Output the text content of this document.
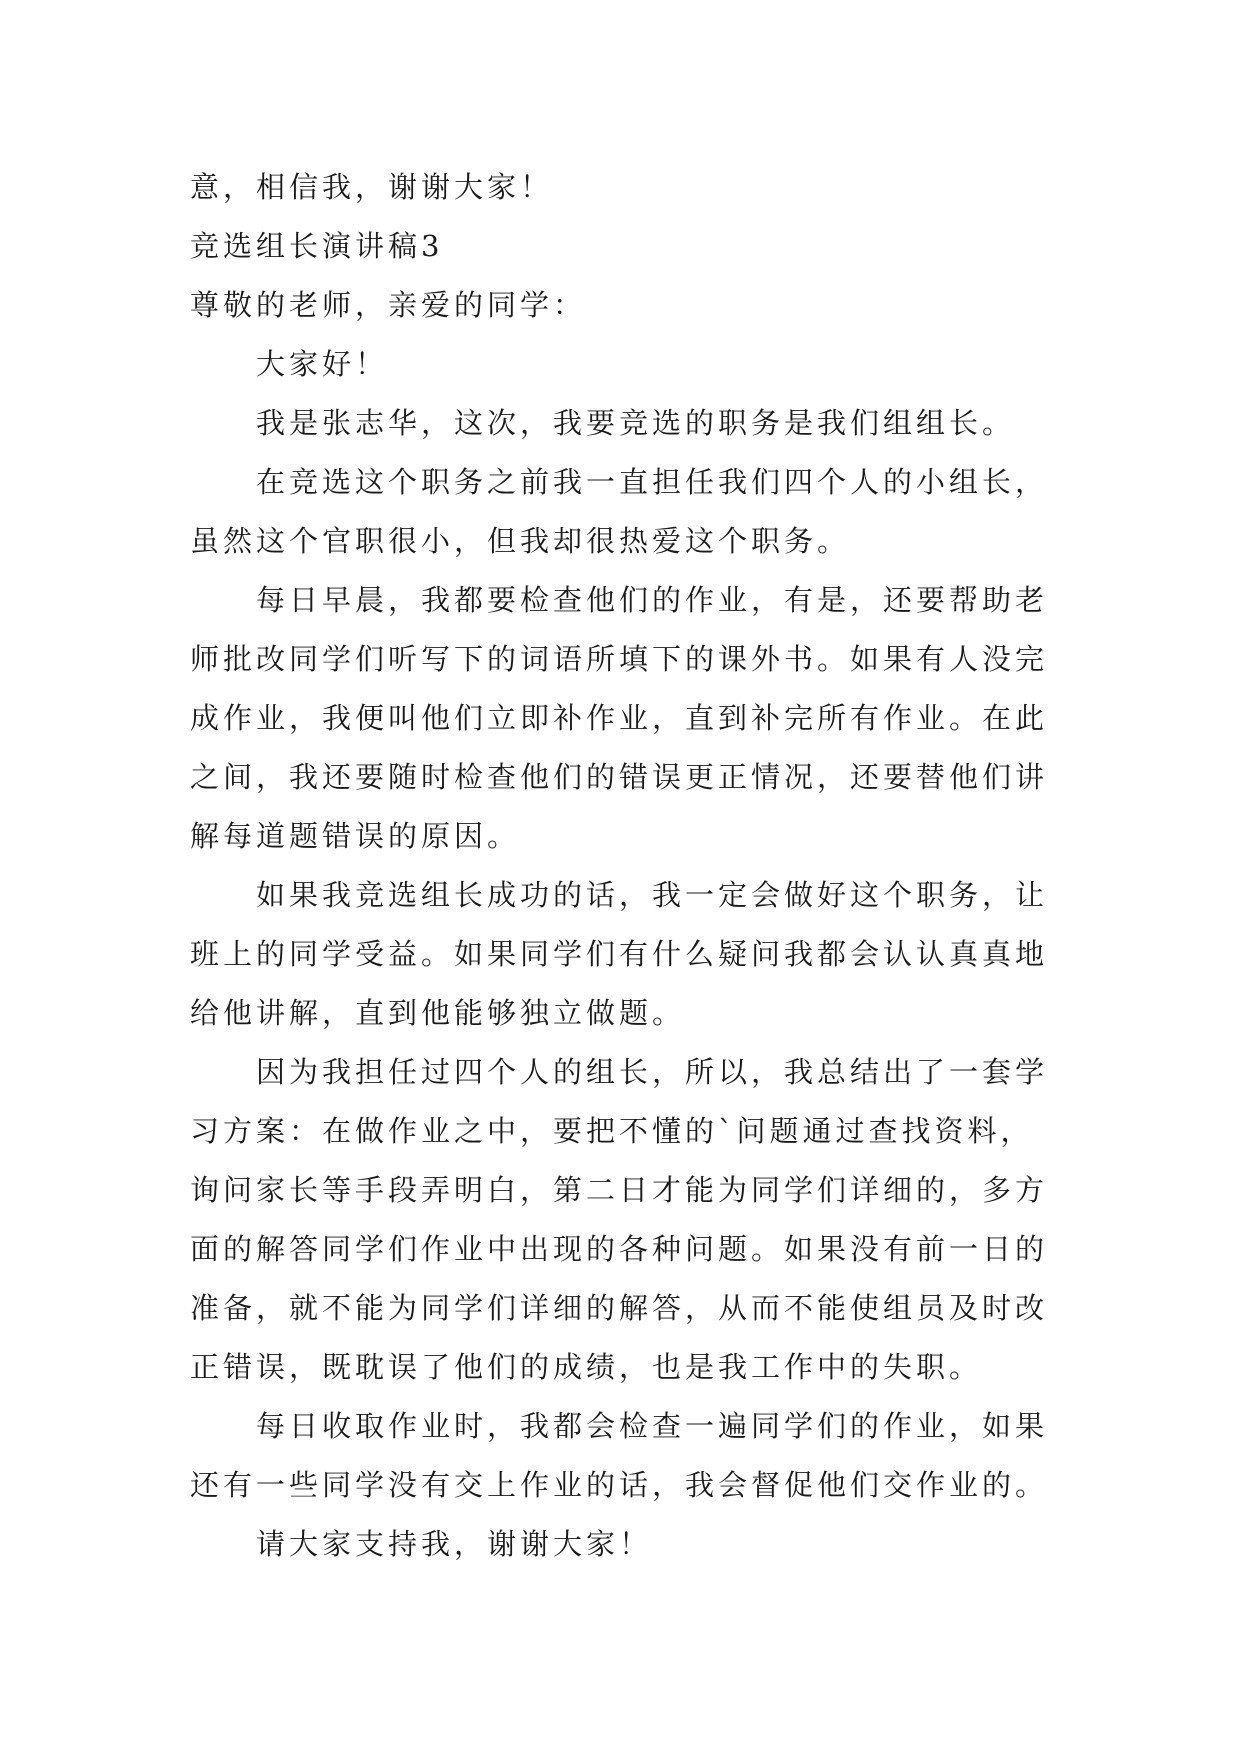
意，相信我，谢谢大家！
竞选组长演讲稿3
尊敬的老师，亲爱的同学：
大家好！
我是张志华，这次，我要竞选的职务是我们组组长。
在竞选这个职务之前我一直担任我们四个人的小组长，
虽然这个官职很小，但我却很热爱这个职务。
每日早晨，我都要检查他们的作业，有是，还要帮助老
师批改同学们听写下的词语所填下的课外书。如果有人没完
成作业，我便叫他们立即补作业，直到补完所有作业。在此
之间，我还要随时检查他们的错误更正情况，还要替他们讲
解每道题错误的原因。
如果我竞选组长成功的话，我一定会做好这个职务，让
班上的同学受益。如果同学们有什么疑问我都会认认真真地
给他讲解，直到他能够独立做题。
因为我担任过四个人的组长，所以，我总结出了一套学
习方案：在做作业之中，要把不懂的`问题通过查找资料，
询问家长等手段弄明白，第二日才能为同学们详细的，多方
面的解答同学们作业中出现的各种问题。如果没有前一日的
准备，就不能为同学们详细的解答，从而不能使组员及时改
正错误，既耽误了他们的成绩，也是我工作中的失职。
每日收取作业时，我都会检查一遍同学们的作业，如果
还有一些同学没有交上作业的话，我会督促他们交作业的。
请大家支持我，谢谢大家！
